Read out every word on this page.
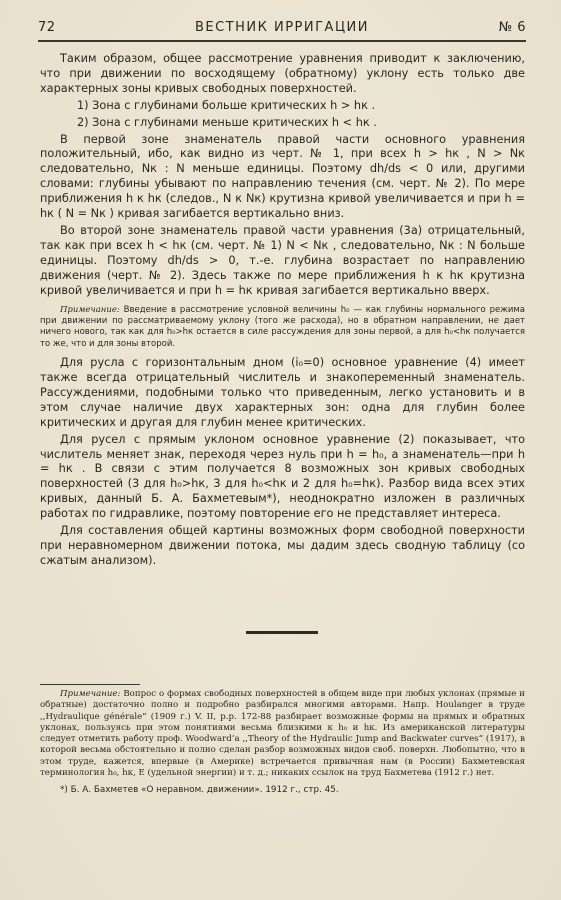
72	ВЕСТНИК ИРРИГАЦИИ	№ 6

Таким образом, общее рассмотрение уравнения приводит к заключению, что при движении по восходящему (обратному) уклону есть только две характерных зоны кривых свободных поверхностей.

1) Зона с глубинами больше критических h > hк .

2) Зона с глубинами меньше критических h < hк .

В первой зоне знаменатель правой части основного уравнения положительный, ибо, как видно из черт. № 1, при всех h > hк , N > Nк следовательно, Nк : N меньше единицы. Поэтому dh/ds < 0 или, другими словами: глубины убывают по направлению течения (см. черт. № 2). По мере приближения h к hк (следов., N к Nк) крутизна кривой увеличивается и при h = hк ( N = Nк ) кривая загибается вертикально вниз.

Во второй зоне знаменатель правой части уравнения (3а) отрицательный, так как при всех h < hк (см. черт. № 1) N < Nк , следовательно, Nк : N больше единицы. Поэтому dh/ds > 0, т.-е. глубина возрастает по направлению движения (черт. № 2). Здесь также по мере приближения h к hк крутизна кривой увеличивается и при h = hк кривая загибается вертикально вверх.

Примечание: Введение в рассмотрение условной величины h₀ — как глубины нормального режима при движении по рассматриваемому уклону (того же расхода), но в обратном направлении, не дает ничего нового, так как для h₀>hк остается в силе рассуждения для зоны первой, а для h₀<hк получается то же, что и для зоны второй.

Для русла с горизонтальным дном (i₀=0) основное уравнение (4) имеет также всегда отрицательный числитель и знакопеременный знаменатель. Рассуждениями, подобными только что приведенным, легко установить и в этом случае наличие двух характерных зон: одна для глубин более критических и другая для глубин менее критических.

Для русел с прямым уклоном основное уравнение (2) показывает, что числитель меняет знак, переходя через нуль при h = h₀, а знаменатель—при h = hк . В связи с этим получается 8 возможных зон кривых свободных поверхностей (3 для h₀>hк, 3 для h₀<hк и 2 для h₀=hк). Разбор вида всех этих кривых, данный Б. А. Бахметевым*), неоднократно изложен в различных работах по гидравлике, поэтому повторение его не представляет интереса.

Для составления общей картины возможных форм свободной поверхности при неравномерном движении потока, мы дадим здесь сводную таблицу (со сжатым анализом).

Примечание: Вопрос о формах свободных поверхностей в общем виде при любых уклонах (прямые и обратные) достаточно полно и подробно разбирался многими авторами. Напр. Houlanger в труде ,,Hydraulique générale“ (1909 г.) V. II, р.р. 172-88 разбирает возможные формы на прямых и обратных уклонах, пользуясь при этом понятиями весьма близкими к h₀ и hк. Из американской литературы следует отметить работу проф. Woodward’a ,,Theory of the Hydraulic Jump and Backwater curves“ (1917), в которой весьма обстоятельно и полно сделан разбор возможных видов своб. поверхн. Любопытно, что в этом труде, кажется, впервые (в Америке) встречается привычная нам (в России) Бахметевская терминология h₀, hк, E (удельной энергии) и т. д.; никаких ссылок на труд Бахметева (1912 г.) нет.

*) Б. А. Бахметев «О неравном. движении». 1912 г., стр. 45.
